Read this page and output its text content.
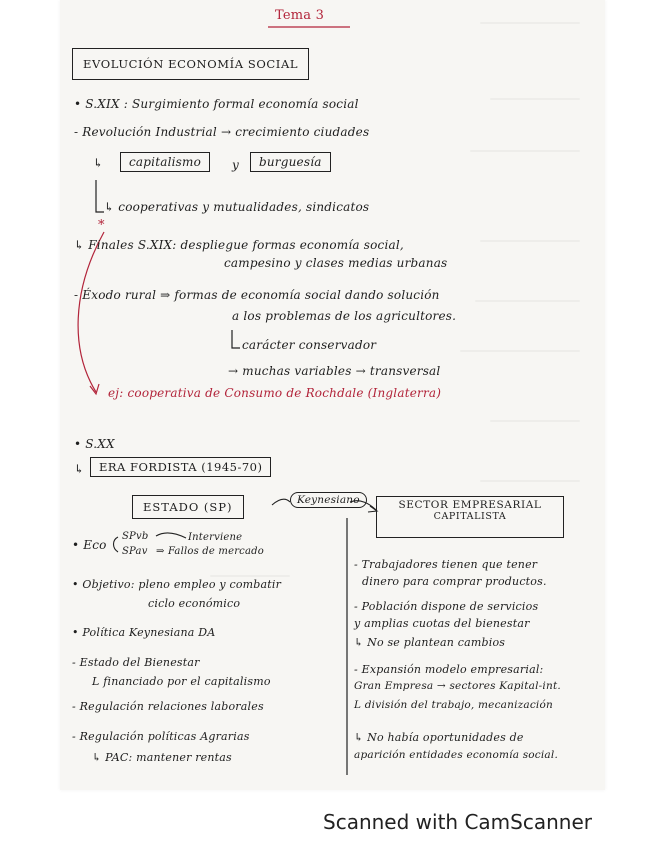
Tema 3
EVOLUCIÓN ECONOMÍA SOCIAL
• S.XIX : Surgimiento formal economía social
- Revolución Industrial → crecimiento ciudades
↳	capitalismo	y	burguesía
↳ cooperativas y mutualidades, sindicatos
*
↳ Finales S.XIX: despliegue formas economía social,
campesino y clases medias urbanas
- Éxodo rural ⇒ formas de economía social dando solución
a los problemas de los agricultores.
carácter conservador
→ muchas variables → transversal
ej: cooperativa de Consumo de Rochdale (Inglaterra)
• S.XX
↳	ERA FORDISTA (1945-70)
ESTADO (SP)	Keynesiano	SECTOR EMPRESARIAL
CAPITALISTA
• Eco
SPvb
SPav
Interviene
⇒ Fallos de mercado
• Objetivo: pleno empleo y combatir
ciclo económico
• Política Keynesiana DA
- Estado del Bienestar
L financiado por el capitalismo
- Regulación relaciones laborales
- Regulación políticas Agrarias
↳ PAC: mantener rentas
- Trabajadores tienen que tener
dinero para comprar productos.
- Población dispone de servicios
y amplias cuotas del bienestar
↳ No se plantean cambios
- Expansión modelo empresarial:
Gran Empresa → sectores Kapital-int.
L división del trabajo, mecanización
↳ No había oportunidades de
aparición entidades economía social.
Scanned with CamScanner
